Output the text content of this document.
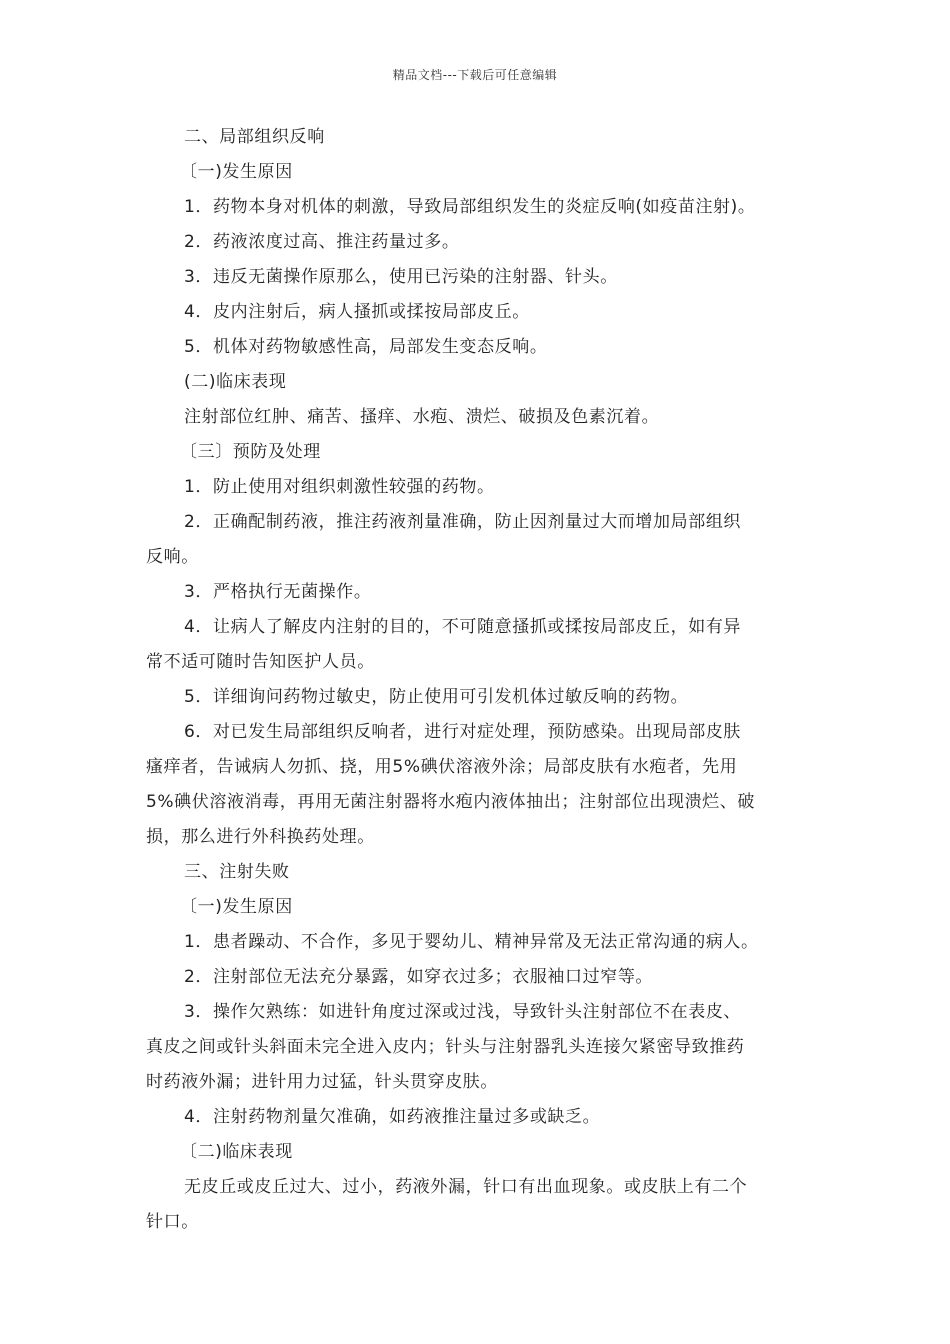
精品文档---下载后可任意编辑
二、局部组织反响
〔一)发生原因
1．药物本身对机体的刺激，导致局部组织发生的炎症反响(如疫苗注射)。
2．药液浓度过高、推注药量过多。
3．违反无菌操作原那么，使用已污染的注射器、针头。
4．皮内注射后，病人搔抓或揉按局部皮丘。
5．机体对药物敏感性高，局部发生变态反响。
(二)临床表现
注射部位红肿、痛苦、搔痒、水疱、溃烂、破损及色素沉着。
〔三〕预防及处理
1．防止使用对组织刺激性较强的药物。
2．正确配制药液，推注药液剂量准确，防止因剂量过大而增加局部组织
反响。
3．严格执行无菌操作。
4．让病人了解皮内注射的目的，不可随意搔抓或揉按局部皮丘，如有异
常不适可随时告知医护人员。
5．详细询问药物过敏史，防止使用可引发机体过敏反响的药物。
6．对已发生局部组织反响者，进行对症处理，预防感染。出现局部皮肤
瘙痒者，告诫病人勿抓、挠，用5%碘伏溶液外涂；局部皮肤有水疱者，先用
5%碘伏溶液消毒，再用无菌注射器将水疱内液体抽出；注射部位出现溃烂、破
损，那么进行外科换药处理。
三、注射失败
〔一)发生原因
1．患者躁动、不合作，多见于婴幼儿、精神异常及无法正常沟通的病人。
2．注射部位无法充分暴露，如穿衣过多；衣服袖口过窄等。
3．操作欠熟练：如进针角度过深或过浅，导致针头注射部位不在表皮、
真皮之间或针头斜面未完全进入皮内；针头与注射器乳头连接欠紧密导致推药
时药液外漏；进针用力过猛，针头贯穿皮肤。
4．注射药物剂量欠准确，如药液推注量过多或缺乏。
〔二)临床表现
无皮丘或皮丘过大、过小，药液外漏，针口有出血现象。或皮肤上有二个
针口。
